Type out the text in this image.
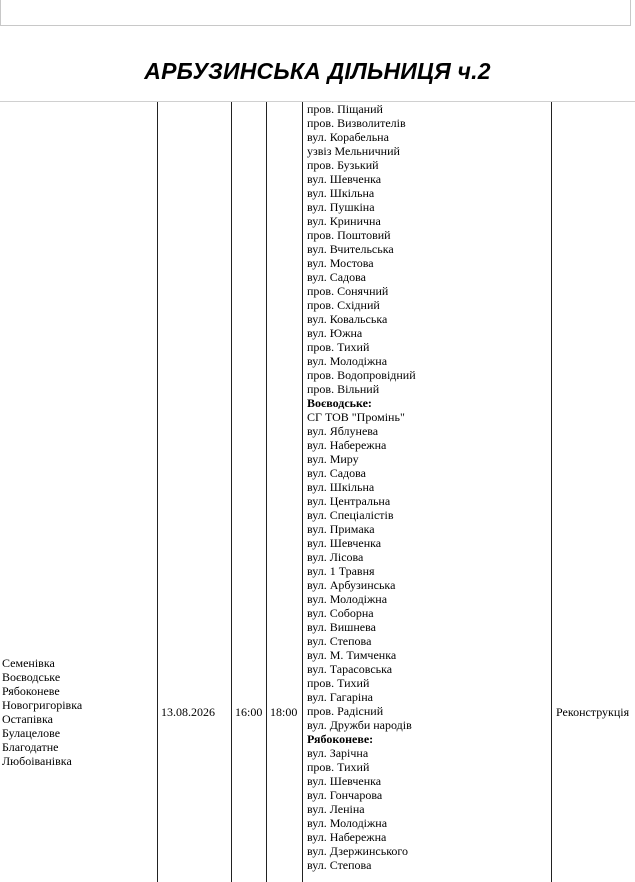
АРБУЗИНСЬКА ДІЛЬНИЦЯ ч.2
Семенівка
Воєводське
Рябоконеве
Новогригорівка
Остапівка
Булацелове
Благодатне
Любоіванівка
13.08.2026 16:00 18:00
пров. Піщаний
пров. Визволителів
вул. Корабельна
узвіз Мельничний
пров. Бузький
вул. Шевченка
вул. Шкільна
вул. Пушкіна
вул. Кринична
пров. Поштовий
вул. Вчительська
вул. Мостова
вул. Садова
пров. Сонячний
пров. Східний
вул. Ковальська
вул. Южна
пров. Тихий
вул. Молодіжна
пров. Водопровідний
пров. Вільний
Воєводське:
СГ ТОВ "Промінь"
вул. Яблунева
вул. Набережна
вул. Миру
вул. Садова
вул. Шкільна
вул. Центральна
вул. Спеціалістів
вул. Примака
вул. Шевченка
вул. Лісова
вул. 1 Травня
вул. Арбузинська
вул. Молодіжна
вул. Соборна
вул. Вишнева
вул. Степова
вул. М. Тимченка
вул. Тарасовська
пров. Тихий
вул. Гагаріна
пров. Радісний
вул. Дружби народів
Рябоконеве:
вул. Зарічна
пров. Тихий
вул. Шевченка
вул. Гончарова
вул. Леніна
вул. Молодіжна
вул. Набережна
вул. Дзержинського
вул. Степова
Реконструкція
